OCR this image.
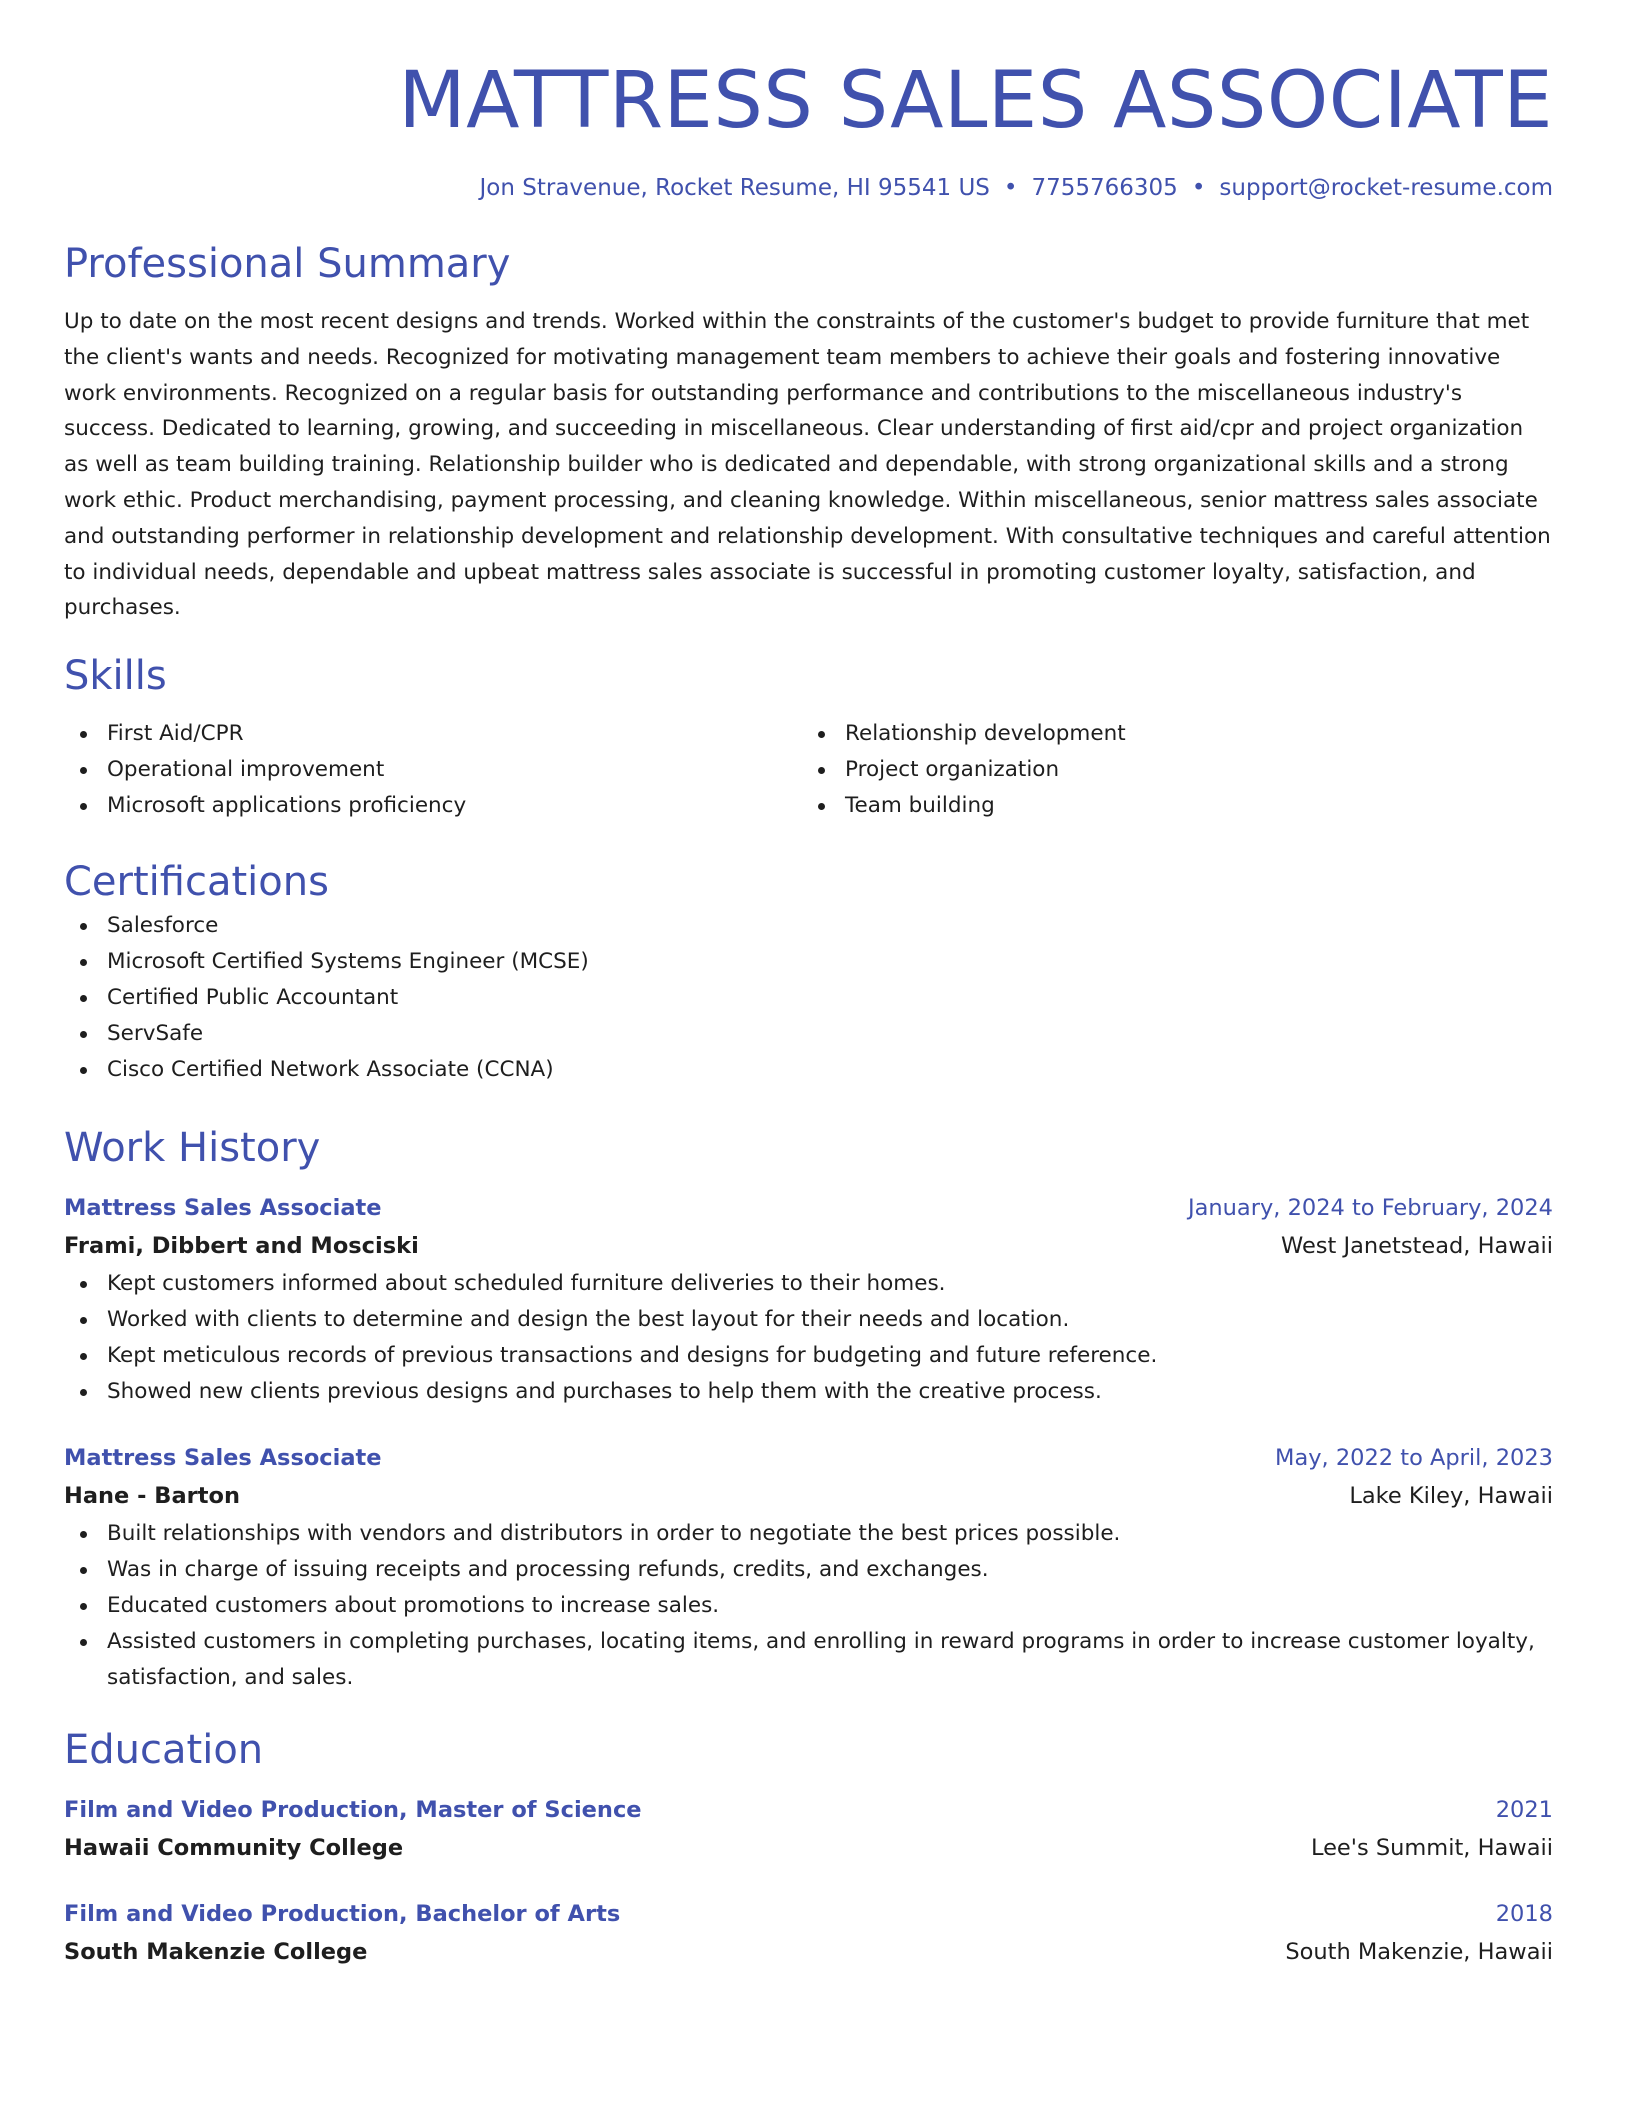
MATTRESS SALES ASSOCIATE
Jon Stravenue, Rocket Resume, HI 95541 US • 7755766305 • support@rocket-resume.com
Professional Summary

Up to date on the most recent designs and trends. Worked within the constraints of the customer's budget to provide furniture that met the client's wants and needs. Recognized for motivating management team members to achieve their goals and fostering innovative work environments. Recognized on a regular basis for outstanding performance and contributions to the miscellaneous industry's success. Dedicated to learning, growing, and succeeding in miscellaneous. Clear understanding of first aid/cpr and project organization as well as team building training. Relationship builder who is dedicated and dependable, with strong organizational skills and a strong work ethic. Product merchandising, payment processing, and cleaning knowledge. Within miscellaneous, senior mattress sales associate and outstanding performer in relationship development and relationship development. With consultative techniques and careful attention to individual needs, dependable and upbeat mattress sales associate is successful in promoting customer loyalty, satisfaction, and purchases.

Skills
First Aid/CPR
Operational improvement
Microsoft applications proficiency
Relationship development
Project organization
Team building
Certifications
Salesforce
Microsoft Certified Systems Engineer (MCSE)
Certified Public Accountant
ServSafe
Cisco Certified Network Associate (CCNA)
Work History
Mattress Sales Associate	January, 2024 to February, 2024
Frami, Dibbert and Mosciski	West Janetstead, Hawaii
Kept customers informed about scheduled furniture deliveries to their homes.
Worked with clients to determine and design the best layout for their needs and location.
Kept meticulous records of previous transactions and designs for budgeting and future reference.
Showed new clients previous designs and purchases to help them with the creative process.
Mattress Sales Associate	May, 2022 to April, 2023
Hane - Barton	Lake Kiley, Hawaii
Built relationships with vendors and distributors in order to negotiate the best prices possible.
Was in charge of issuing receipts and processing refunds, credits, and exchanges.
Educated customers about promotions to increase sales.
Assisted customers in completing purchases, locating items, and enrolling in reward programs in order to increase customer loyalty, satisfaction, and sales.
Education
Film and Video Production, Master of Science	2021
Hawaii Community College	Lee's Summit, Hawaii
Film and Video Production, Bachelor of Arts	2018
South Makenzie College	South Makenzie, Hawaii
